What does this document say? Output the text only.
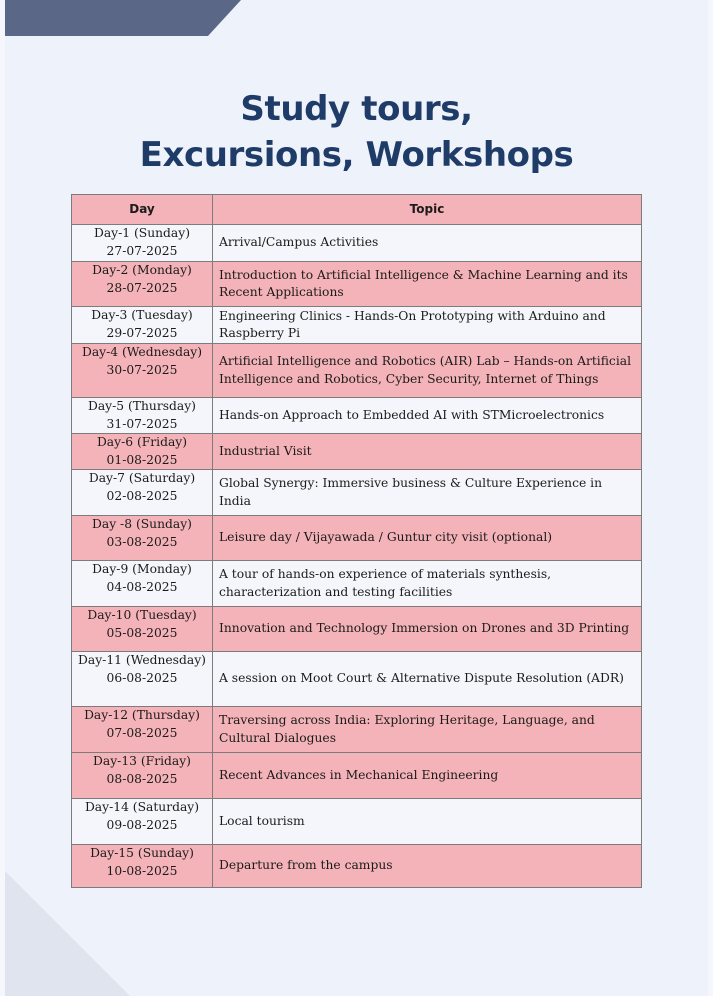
Study tours,
Excursions, Workshops
Day	Topic

Day-1 (Sunday)
27-07-2025	Arrival/Campus Activities

Day-2 (Monday)
28-07-2025	Introduction to Artificial Intelligence & Machine Learning and its Recent Applications

Day-3 (Tuesday)
29-07-2025	Engineering Clinics - Hands-On Prototyping with Arduino and Raspberry Pi

Day-4 (Wednesday)
30-07-2025	Artificial Intelligence and Robotics (AIR) Lab – Hands-on Artificial Intelligence and Robotics, Cyber Security, Internet of Things

Day-5 (Thursday)
31-07-2025	Hands-on Approach to Embedded AI with STMicroelectronics

Day-6 (Friday)
01-08-2025	Industrial Visit

Day-7 (Saturday)
02-08-2025	Global Synergy: Immersive business & Culture Experience in India

Day -8 (Sunday)
03-08-2025	Leisure day / Vijayawada / Guntur city visit (optional)

Day-9 (Monday)
04-08-2025	A tour of hands-on experience of materials synthesis, characterization and testing facilities

Day-10 (Tuesday)
05-08-2025	Innovation and Technology Immersion on Drones and 3D Printing

Day-11 (Wednesday)
06-08-2025	A session on Moot Court & Alternative Dispute Resolution (ADR)

Day-12 (Thursday)
07-08-2025	Traversing across India: Exploring Heritage, Language, and Cultural Dialogues

Day-13 (Friday)
08-08-2025	Recent Advances in Mechanical Engineering

Day-14 (Saturday)
09-08-2025	Local tourism

Day-15 (Sunday)
10-08-2025	Departure from the campus
